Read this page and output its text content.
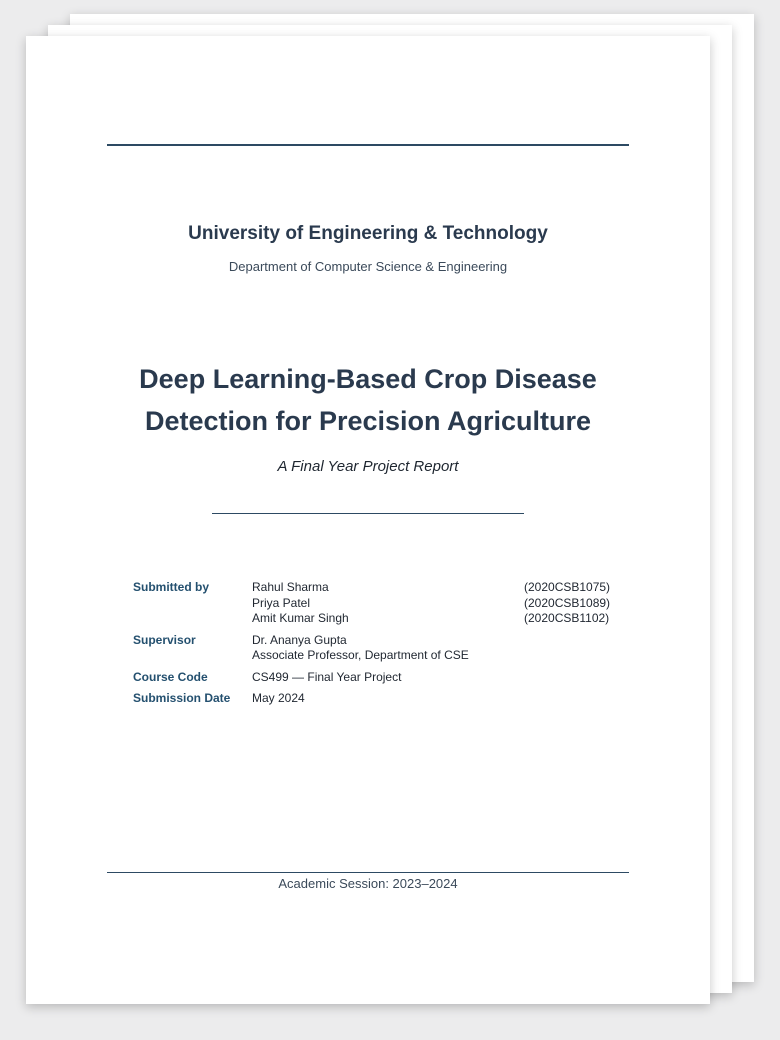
University of Engineering & Technology
Department of Computer Science & Engineering
Deep Learning-Based Crop Disease
Detection for Precision Agriculture
A Final Year Project Report
Submitted by	Rahul Sharma	(2020CSB1075)
Priya Patel	(2020CSB1089)
Amit Kumar Singh	(2020CSB1102)
Supervisor	Dr. Ananya Gupta
Associate Professor, Department of CSE
Course Code	CS499 — Final Year Project
Submission Date May 2024
Academic Session: 2023–2024
